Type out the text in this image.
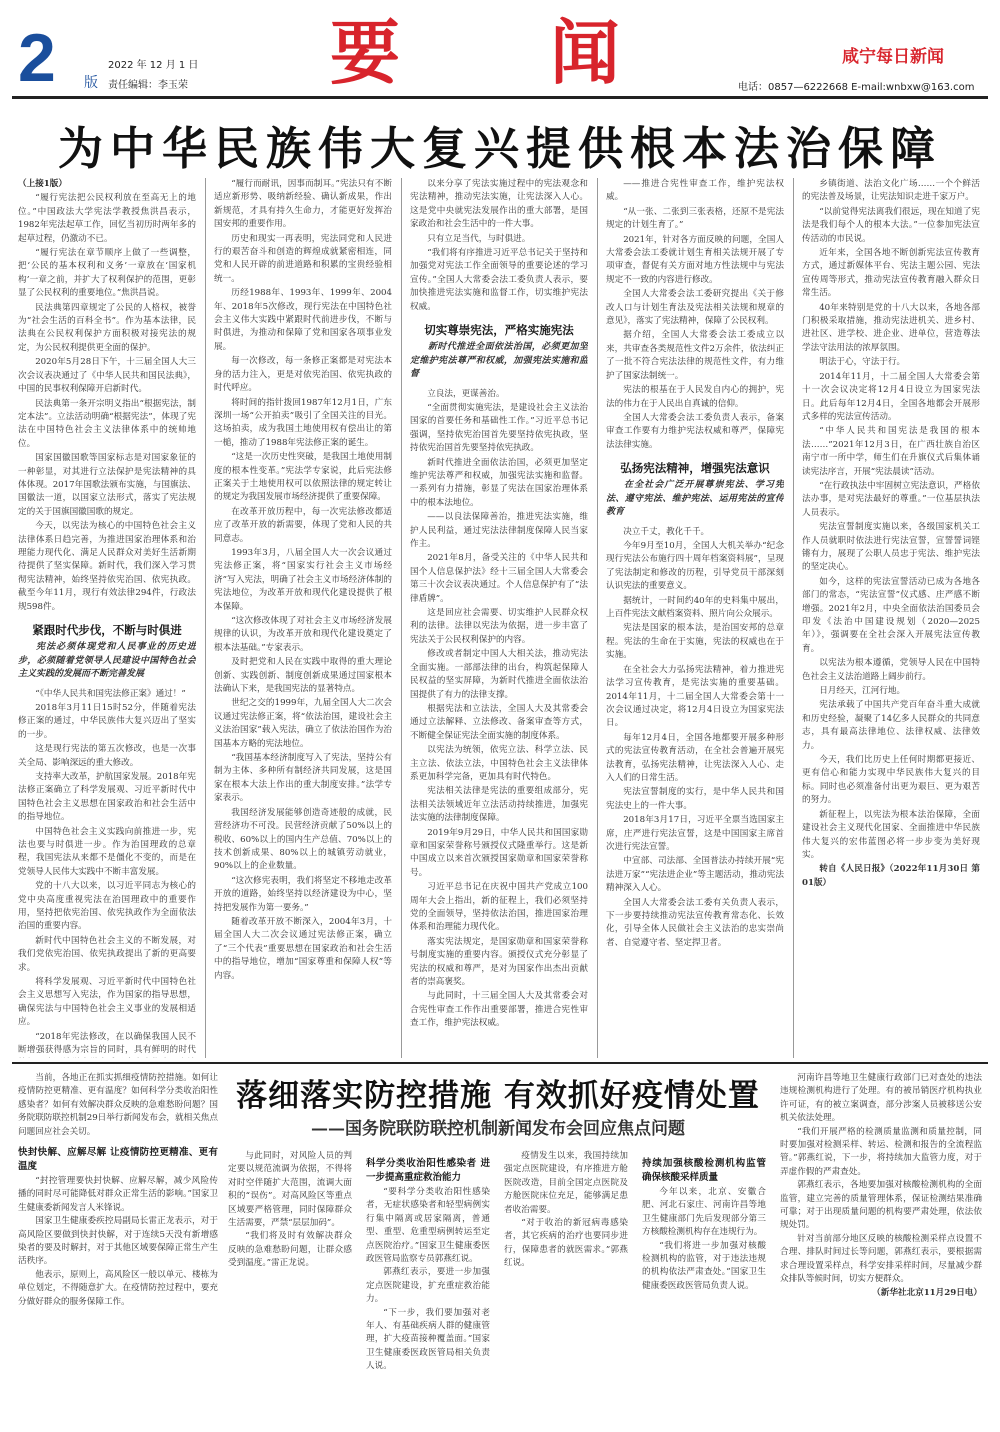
2 版
2022 年 12 月 1 日
责任编辑：李玉荣 要闻	咸宁每日新闻
电话：0857—6222668 E-mail:wnbxw@163.com
为中华民族伟大复兴提供根本法治保障

（上接1版）

“履行宪法把公民权利放在至高无上的地位。”中国政法大学宪法学教授焦洪昌表示，1982年宪法起草工作，回忆当初历时两年多的起草过程，仍激动不已。

“履行宪法在章节顺序上做了一些调整，把‘公民的基本权利和义务’一章放在‘国家机构’一章之前，并扩大了权利保护的范围，更彰显了公民权利的重要地位。”焦洪昌说。

民法典第四章规定了公民的人格权，被誉为“社会生活的百科全书”。作为基本法律，民法典在公民权利保护方面积极对接宪法的规定，为公民权利提供更全面的保护。

2020年5月28日下午，十三届全国人大三次会议表决通过了《中华人民共和国民法典》，中国的民事权利保障开启新时代。

民法典第一条开宗明义指出“根据宪法，制定本法”。立法活动明确“根据宪法”，体现了宪法在中国特色社会主义法律体系中的统帅地位。

国家国徽国歌等国家标志是对国家象征的一种彰显，对其进行立法保护是宪法精神的具体体现。2017年国歌法颁布实施，与国旗法、国徽法一道，以国家立法形式，落实了宪法规定的关于国旗国徽国歌的规定。

今天，以宪法为核心的中国特色社会主义法律体系日趋完善，为推进国家治理体系和治理能力现代化、满足人民群众对美好生活新期待提供了坚实保障。新时代，我们深入学习贯彻宪法精神，始终坚持依宪治国、依宪执政。截至今年11月，现行有效法律294件，行政法规598件。

紧跟时代步伐，不断与时俱进
宪法必须体现党和人民事业的历史进步，必须随着党领导人民建设中国特色社会主义实践的发展而不断完善发展

“《中华人民共和国宪法修正案》通过！”

2018年3月11日15时52分，伴随着宪法修正案的通过，中华民族伟大复兴迈出了坚实的一步。

这是现行宪法的第五次修改，也是一次事关全局、影响深远的重大修改。

支持率大改革，护航国家发展。2018年宪法修正案确立了科学发展观、习近平新时代中国特色社会主义思想在国家政治和社会生活中的指导地位。

中国特色社会主义实践向前推进一步，宪法也要与时俱进一步。作为治国理政的总章程，我国宪法从来都不是僵化不变的，而是在党领导人民伟大实践中不断丰富发展。

党的十八大以来，以习近平同志为核心的党中央高度重视宪法在治国理政中的重要作用，坚持把依宪治国、依宪执政作为全面依法治国的重要内容。

新时代中国特色社会主义的不断发展，对我们党依宪治国、依宪执政提出了新的更高要求。

将科学发展观、习近平新时代中国特色社会主义思想写入宪法，作为国家的指导思想，确保宪法与中国特色社会主义事业的发展相适应。

“2018年宪法修改，在以确保我国人民不断增强获得感为宗旨的同时，具有鲜明的时代

“履行而耐讯，因事而制耳。”宪法只有不断适应新形势、吸纳新经验、确认新成果，作出新规范，才具有持久生命力，才能更好发挥治国安邦的重要作用。

历史和现实一再表明，宪法同党和人民进行的艰苦奋斗和创造的辉煌成就紧密相连，同党和人民开辟的前进道路和积累的宝贵经验相统一。

历经1988年、1993年、1999年、2004年、2018年5次修改，现行宪法在中国特色社会主义伟大实践中紧跟时代前进步伐，不断与时俱进，为推动和保障了党和国家各项事业发展。

每一次修改，每一条修正案都是对宪法本身的活力注入，更是对依宪治国、依宪执政的时代呼应。

将时间的指针拨回1987年12月1日，广东深圳一场“公开拍卖”吸引了全国关注的目光。这场拍卖，成为我国土地使用权有偿出让的第一槌，推动了1988年宪法修正案的诞生。

“这是一次历史性突破，是我国土地使用制度的根本性变革。”宪法学专家说，此后宪法修正案关于土地使用权可以依照法律的规定转让的规定为我国发展市场经济提供了重要保障。

在改革开放历程中，每一次宪法修改都适应了改革开放的新需要，体现了党和人民的共同意志。

1993年3月，八届全国人大一次会议通过宪法修正案，将“国家实行社会主义市场经济”写入宪法，明确了社会主义市场经济体制的宪法地位，为改革开放和现代化建设提供了根本保障。

“这次修改体现了对社会主义市场经济发展规律的认识，为改革开放和现代化建设奠定了根本法基础。”专家表示。

及时把党和人民在实践中取得的重大理论创新、实践创新、制度创新成果通过国家根本法确认下来，是我国宪法的显著特点。

世纪之交的1999年，九届全国人大二次会议通过宪法修正案，将“依法治国，建设社会主义法治国家”载入宪法，确立了依法治国作为治国基本方略的宪法地位。

“我国基本经济制度写入了宪法，坚持公有制为主体、多种所有制经济共同发展，这是国家在根本大法上作出的重大制度安排。”法学专家表示。

我国经济发展能够创造奇迹般的成就，民营经济功不可没。民营经济贡献了50%以上的税收、60%以上的国内生产总值、70%以上的技术创新成果、80%以上的城镇劳动就业，90%以上的企业数量。

“这次修宪表明，我们将坚定不移地走改革开放的道路，始终坚持以经济建设为中心，坚持把发展作为第一要务。”

随着改革开放不断深入，2004年3月，十届全国人大二次会议通过宪法修正案，确立了“三个代表”重要思想在国家政治和社会生活中的指导地位，增加“国家尊重和保障人权”等内容。

以来分享了宪法实施过程中的宪法观念和宪法精神，推动宪法实施，让宪法深入人心。这是党中央就宪法发展作出的重大部署，是国家政治和社会生活中的一件大事。

只有立足当代，与时俱进。

“我们将有序推进习近平总书记关于坚持和加强党对宪法工作全面领导的重要论述的学习宣传。”全国人大常委会法工委负责人表示，要加快推进宪法实施和监督工作，切实维护宪法权威。

切实尊崇宪法，严格实施宪法
新时代推进全面依法治国，必须更加坚定维护宪法尊严和权威，加强宪法实施和监督

立良法，更谋善治。

“全面贯彻实施宪法，是建设社会主义法治国家的首要任务和基础性工作。”习近平总书记强调，坚持依宪治国首先要坚持依宪执政，坚持依宪治国首先要坚持依宪执政。

新时代推进全面依法治国，必须更加坚定维护宪法尊严和权威，加强宪法实施和监督。一系列有力措施，彰显了宪法在国家治理体系中的根本法地位。

——以良法保障善治，推进宪法实施，维护人民利益，通过宪法法律制度保障人民当家作主。

2021年8月，备受关注的《中华人民共和国个人信息保护法》经十三届全国人大常委会第三十次会议表决通过。个人信息保护有了“法律盾牌”。

这是回应社会需要、切实维护人民群众权利的法律。法律以宪法为依据，进一步丰富了宪法关于公民权利保护的内容。

修改或者制定中国人大相关法，推动宪法全面实施。一部部法律的出台，构筑起保障人民权益的坚实屏障，为新时代推进全面依法治国提供了有力的法律支撑。

根据宪法和立法法，全国人大及其常委会通过立法解释、立法修改、备案审查等方式，不断健全保证宪法全面实施的制度体系。

以宪法为统领，依宪立法、科学立法、民主立法、依法立法，中国特色社会主义法律体系更加科学完备，更加具有时代特色。

宪法相关法律是宪法的重要组成部分，宪法相关法领域近年立法活动持续推进，加强宪法实施的法律制度保障。

2019年9月29日，中华人民共和国国家勋章和国家荣誉称号颁授仪式隆重举行。这是新中国成立以来首次颁授国家勋章和国家荣誉称号。

习近平总书记在庆祝中国共产党成立100周年大会上指出，新的征程上，我们必须坚持党的全面领导，坚持依法治国，推进国家治理体系和治理能力现代化。

落实宪法规定，是国家勋章和国家荣誉称号制度实施的重要内容。颁授仪式充分彰显了宪法的权威和尊严，是对为国家作出杰出贡献者的崇高褒奖。

与此同时，十三届全国人大及其常委会对合宪性审查工作作出重要部署，推进合宪性审查工作，维护宪法权威。

——推进合宪性审查工作，维护宪法权威。

“从一张、二张到三张表格，还原不是宪法规定的计划生育了。”

2021年，针对各方面反映的问题，全国人大常委会法工委就计划生育相关法规开展了专项审查，督促有关方面对地方性法规中与宪法规定不一致的内容进行修改。

全国人大常委会法工委研究提出《关于修改人口与计划生育法及宪法相关法规和规章的意见》，落实了宪法精神，保障了公民权利。

据介绍，全国人大常委会法工委成立以来，共审查各类规范性文件2万余件，依法纠正了一批不符合宪法法律的规范性文件，有力维护了国家法制统一。

宪法的根基在于人民发自内心的拥护，宪法的伟力在于人民出自真诚的信仰。

全国人大常委会法工委负责人表示，备案审查工作要有力维护宪法权威和尊严，保障宪法法律实施。

弘扬宪法精神，增强宪法意识
在全社会广泛开展尊崇宪法、学习宪法、遵守宪法、维护宪法、运用宪法的宣传教育

决立千丈，教化千千。

今年9月至10月，全国人大机关举办“纪念现行宪法公布施行四十周年档案资料展”，呈现了宪法制定和修改的历程，引导党员干部深刻认识宪法的重要意义。

据统计，一时间约40年的史料集中展出，上百件宪法文献档案资料、照片向公众展示。

宪法是国家的根本法，是治国安邦的总章程。宪法的生命在于实施，宪法的权威也在于实施。

在全社会大力弘扬宪法精神，着力推进宪法学习宣传教育，是宪法实施的重要基础。2014年11月，十二届全国人大常委会第十一次会议通过决定，将12月4日设立为国家宪法日。

每年12月4日，全国各地都要开展多种形式的宪法宣传教育活动，在全社会普遍开展宪法教育，弘扬宪法精神，让宪法深入人心、走入人们的日常生活。

宪法宣誓制度的实行，是中华人民共和国宪法史上的一件大事。

2018年3月17日，习近平全票当选国家主席，庄严进行宪法宣誓，这是中国国家主席首次进行宪法宣誓。

中宣部、司法部、全国普法办持续开展“宪法进万家”“宪法进企业”等主题活动，推动宪法精神深入人心。

全国人大常委会法工委有关负责人表示，下一步要持续推动宪法宣传教育常态化、长效化，引导全体人民做社会主义法治的忠实崇尚者、自觉遵守者、坚定捍卫者。

乡镇街道、法治文化广场……一个个鲜活的宪法普及场景，让宪法知识走进千家万户。

“以前觉得宪法离我们很远，现在知道了宪法是我们每个人的根本大法。”一位参加宪法宣传活动的市民说。

近年来，全国各地不断创新宪法宣传教育方式，通过新媒体平台、宪法主题公园、宪法宣传周等形式，推动宪法宣传教育融入群众日常生活。

40年来特别是党的十八大以来，各地各部门积极采取措施，推动宪法进机关、进乡村、进社区、进学校、进企业、进单位，营造尊法学法守法用法的浓厚氛围。

明法于心，守法于行。

2014年11月，十二届全国人大常委会第十一次会议决定将12月4日设立为国家宪法日。此后每年12月4日，全国各地都会开展形式多样的宪法宣传活动。

“中华人民共和国宪法是我国的根本法……”2021年12月3日，在广西壮族自治区南宁市一所中学，师生们在升旗仪式后集体诵读宪法序言，开展“宪法晨读”活动。

“在行政执法中牢固树立宪法意识，严格依法办事，是对宪法最好的尊重。”一位基层执法人员表示。

宪法宣誓制度实施以来，各级国家机关工作人员就职时依法进行宪法宣誓，宣誓誓词铿锵有力，展现了公职人员忠于宪法、维护宪法的坚定决心。

如今，这样的宪法宣誓活动已成为各地各部门的常态，“宪法宣誓”仪式感、庄严感不断增强。2021年2月，中央全面依法治国委员会印发《法治中国建设规划（2020—2025年）》，强调要在全社会深入开展宪法宣传教育。

以宪法为根本遵循，党领导人民在中国特色社会主义法治道路上阔步前行。

日月经天，江河行地。

宪法承载了中国共产党百年奋斗重大成就和历史经验，凝聚了14亿多人民群众的共同意志，具有最高法律地位、法律权威、法律效力。

今天，我们比历史上任何时期都更接近、更有信心和能力实现中华民族伟大复兴的目标。同时也必须准备付出更为艰巨、更为艰苦的努力。

新征程上，以宪法为根本法治保障，全面建设社会主义现代化国家、全面推进中华民族伟大复兴的宏伟蓝图必将一步步变为美好现实。

转自《人民日报》（2022年11月30日 第01版）

当前，各地正在抓实抓细疫情防控措施。如何让疫情防控更精准、更有温度？如何科学分类收治阳性感染者？如何有效解决群众反映的急难愁盼问题？国务院联防联控机制29日举行新闻发布会，就相关焦点问题回应社会关切。

快封快解、应解尽解 让疫情防控更精准、更有温度

“封控管理要快封快解、应解尽解，减少风险传播的同时尽可能降低对群众正常生活的影响。”国家卫生健康委新闻发言人米锋说。

国家卫生健康委疾控局副局长雷正龙表示，对于高风险区要做到快封快解，对于连续5天没有新增感染者的要及时解封，对于其他区域要保障正常生产生活秩序。

他表示，原则上，高风险区一般以单元、楼栋为单位划定，不得随意扩大。在疫情防控过程中，要充分做好群众的服务保障工作。

落细落实防控措施 有效抓好疫情处置
——国务院联防联控机制新闻发布会回应焦点问题

与此同时，对风险人员的判定要以规范流调为依据，不得将对时空伴随扩大范围，流调大面积的“误伤”。对高风险区等重点区域要严格管理，同时保障群众生活需要，严禁“层层加码”。

“我们将及时有效解决群众反映的急难愁盼问题，让群众感受到温度。”雷正龙说。

科学分类收治阳性感染者 进一步提高重症救治能力

“要科学分类收治阳性感染者，无症状感染者和轻型病例实行集中隔离或居家隔离，普通型、重型、危重型病例转运至定点医院治疗。”国家卫生健康委医政医管局监察专员郭燕红说。

郭燕红表示，要进一步加强定点医院建设，扩充重症救治能力。

“下一步，我们要加强对老年人、有基础疾病人群的健康管理，扩大疫苗接种覆盖面。”国家卫生健康委医政医管局相关负责人说。

疫情发生以来，我国持续加强定点医院建设，有序推进方舱医院改造，目前全国定点医院及方舱医院床位充足，能够满足患者收治需要。

“对于收治的新冠病毒感染者，其它疾病的治疗也要同步进行，保障患者的就医需求。”郭燕红说。

持续加强核酸检测机构监管 确保核酸采样质量

今年以来，北京、安徽合肥、河北石家庄、河南许昌等地卫生健康部门先后发现部分第三方核酸检测机构存在违规行为。

“我们将进一步加强对核酸检测机构的监管，对于违法违规的机构依法严肃查处。”国家卫生健康委医政医管局负责人说。

河南许昌等地卫生健康行政部门已对查处的违法违规检测机构进行了处理。有的被吊销医疗机构执业许可证，有的被立案调查，部分涉案人员被移送公安机关依法处理。

“我们开展严格的检测质量监测和质量控制，同时要加强对检测采样、转运、检测和报告的全流程监管。”郭燕红说，下一步，将持续加大监管力度，对于弄虚作假的严肃查处。

郭燕红表示，各地要加强对核酸检测机构的全面监管，建立完善的质量管理体系，保证检测结果准确可靠；对于出现质量问题的机构要严肃处理，依法依规处罚。

针对当前部分地区反映的核酸检测采样点设置不合理、排队时间过长等问题，郭燕红表示，要根据需求合理设置采样点，科学安排采样时间，尽量减少群众排队等候时间，切实方便群众。

（新华社北京11月29日电）
